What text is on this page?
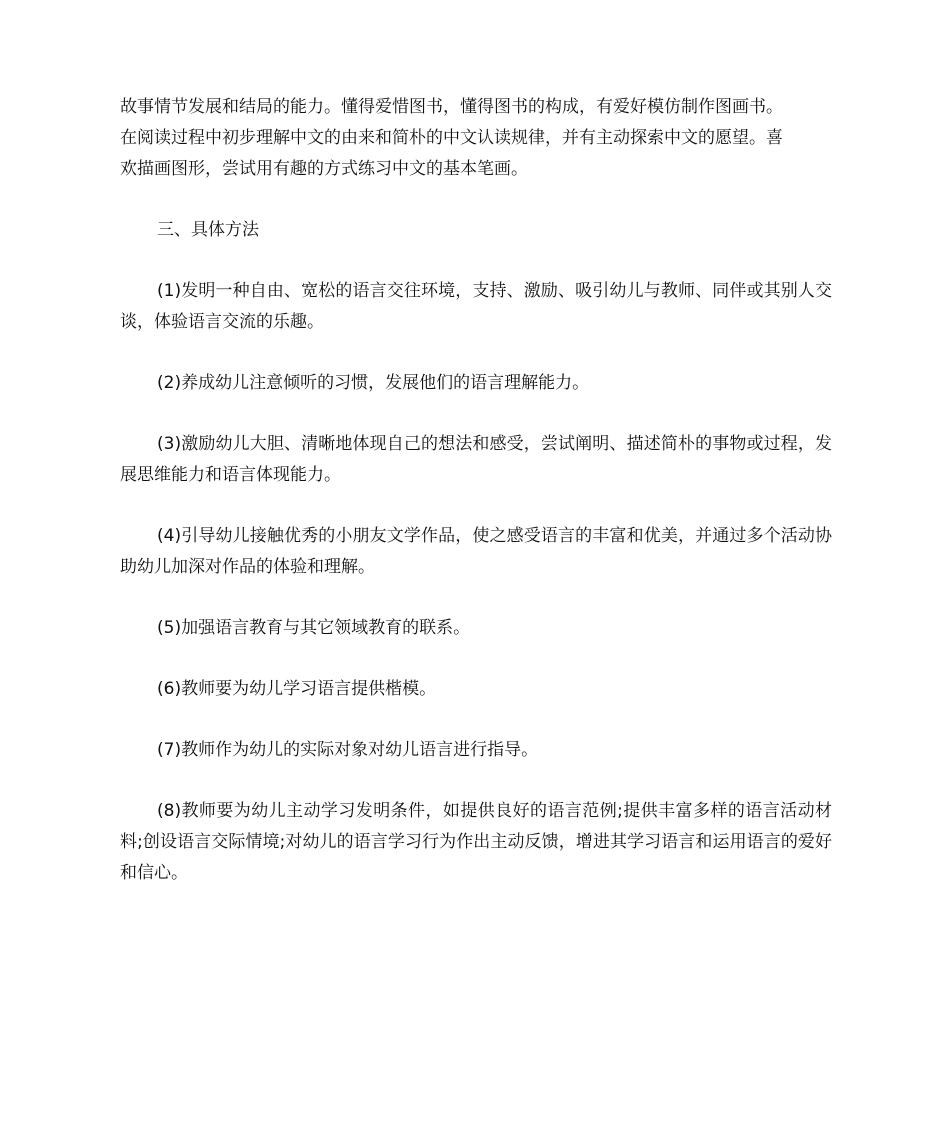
故事情节发展和结局的能力。懂得爱惜图书，懂得图书的构成，有爱好模仿制作图画书。
在阅读过程中初步理解中文的由来和简朴的中文认读规律，并有主动探索中文的愿望。喜
欢描画图形，尝试用有趣的方式练习中文的基本笔画。

三、具体方法

(1)发明一种自由、宽松的语言交往环境，支持、激励、吸引幼儿与教师、同伴或其别人交谈，体验语言交流的乐趣。

(2)养成幼儿注意倾听的习惯，发展他们的语言理解能力。

(3)激励幼儿大胆、清晰地体现自己的想法和感受，尝试阐明、描述简朴的事物或过程，发展思维能力和语言体现能力。

(4)引导幼儿接触优秀的小朋友文学作品，使之感受语言的丰富和优美，并通过多个活动协助幼儿加深对作品的体验和理解。

(5)加强语言教育与其它领域教育的联系。

(6)教师要为幼儿学习语言提供楷模。

(7)教师作为幼儿的实际对象对幼儿语言进行指导。

(8)教师要为幼儿主动学习发明条件，如提供良好的语言范例;提供丰富多样的语言活动材料;创设语言交际情境;对幼儿的语言学习行为作出主动反馈，增进其学习语言和运用语言的爱好和信心。
